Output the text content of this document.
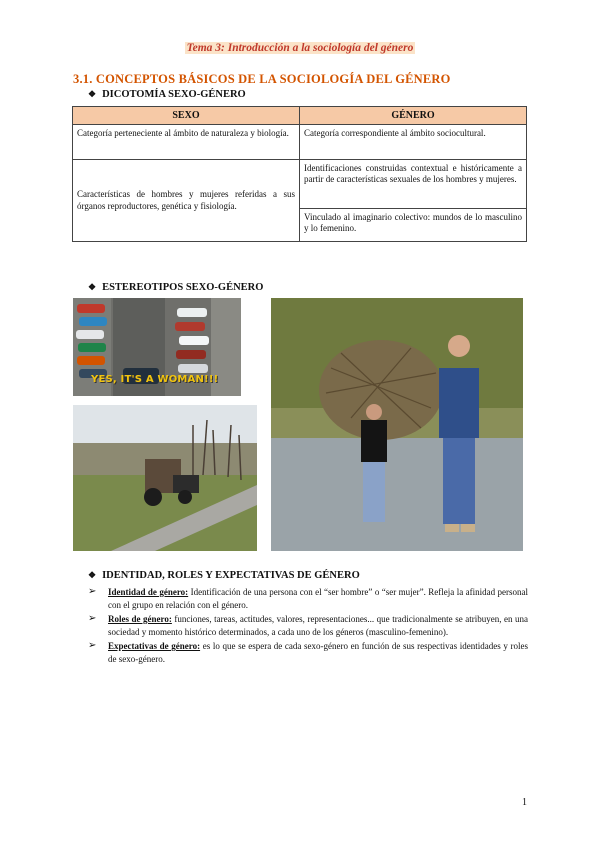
Tema 3: Introducción a la sociología del género
3.1. CONCEPTOS BÁSICOS DE LA SOCIOLOGÍA DEL GÉNERO
❖ DICOTOMÍA SEXO-GÉNERO
SEXO	GÉNERO
Categoría perteneciente al ámbito de naturaleza y biología.	Categoría correspondiente al ámbito sociocultural.
Características de hombres y mujeres referidas a sus órganos reproductores, genética y fisiología.	Identificaciones construidas contextual e históricamente a partir de características sexuales de los hombres y mujeres.
	Vinculado al imaginario colectivo: mundos de lo masculino y lo femenino.
❖ ESTEREOTIPOS SEXO-GÉNERO
YES, IT'S A WOMAN!!!
❖ IDENTIDAD, ROLES Y EXPECTATIVAS DE GÉNERO
➢ Identidad de género: Identificación de una persona con el “ser hombre” o “ser mujer”. Refleja la afinidad personal con el grupo en relación con el género.
➢ Roles de género: funciones, tareas, actitudes, valores, representaciones... que tradicionalmente se atribuyen, en una sociedad y momento histórico determinados, a cada uno de los géneros (masculino-femenino).
➢ Expectativas de género: es lo que se espera de cada sexo-género en función de sus respectivas identidades y roles de sexo-género.
1
